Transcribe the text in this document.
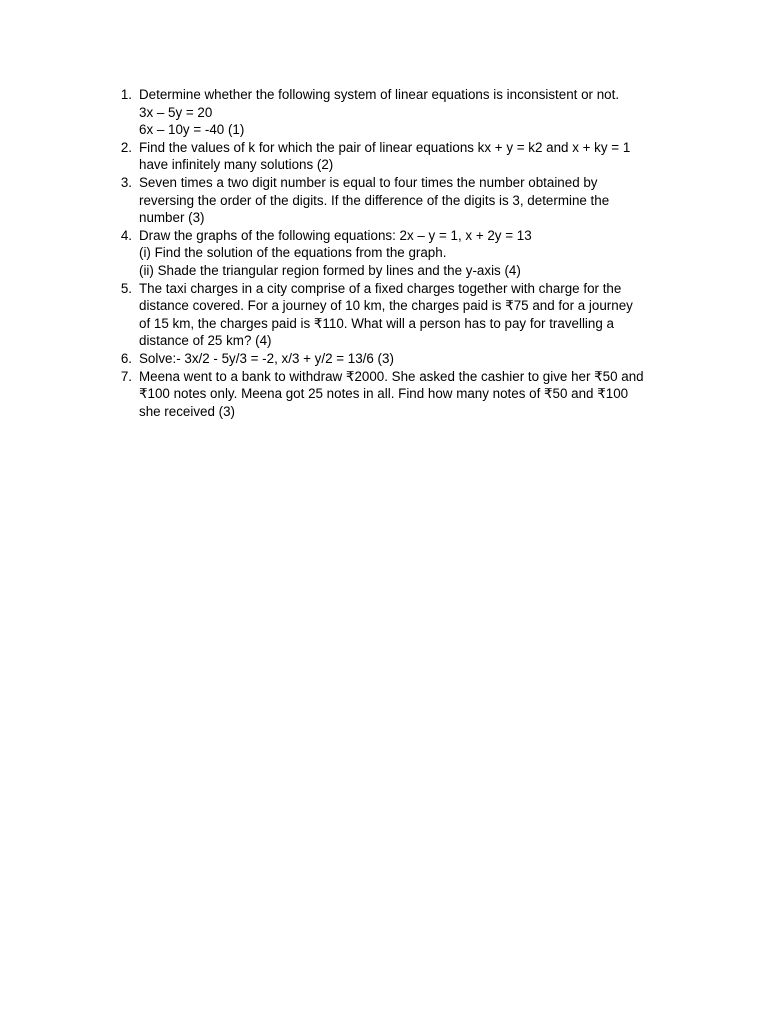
1. Determine whether the following system of linear equations is inconsistent or not.
3x – 5y = 20
6x – 10y = -40 (1)
2. Find the values of k for which the pair of linear equations kx + y = k2 and x + ky = 1
have infinitely many solutions (2)
3. Seven times a two digit number is equal to four times the number obtained by
reversing the order of the digits. If the difference of the digits is 3, determine the
number (3)
4. Draw the graphs of the following equations: 2x – y = 1, x + 2y = 13
(i) Find the solution of the equations from the graph.
(ii) Shade the triangular region formed by lines and the y-axis (4)
5. The taxi charges in a city comprise of a fixed charges together with charge for the
distance covered. For a journey of 10 km, the charges paid is ₹75 and for a journey
of 15 km, the charges paid is ₹110. What will a person has to pay for travelling a
distance of 25 km? (4)
6. Solve:- 3x/2 - 5y/3 = -2, x/3 + y/2 = 13/6 (3)
7. Meena went to a bank to withdraw ₹2000. She asked the cashier to give her ₹50 and
₹100 notes only. Meena got 25 notes in all. Find how many notes of ₹50 and ₹100
she received (3)
